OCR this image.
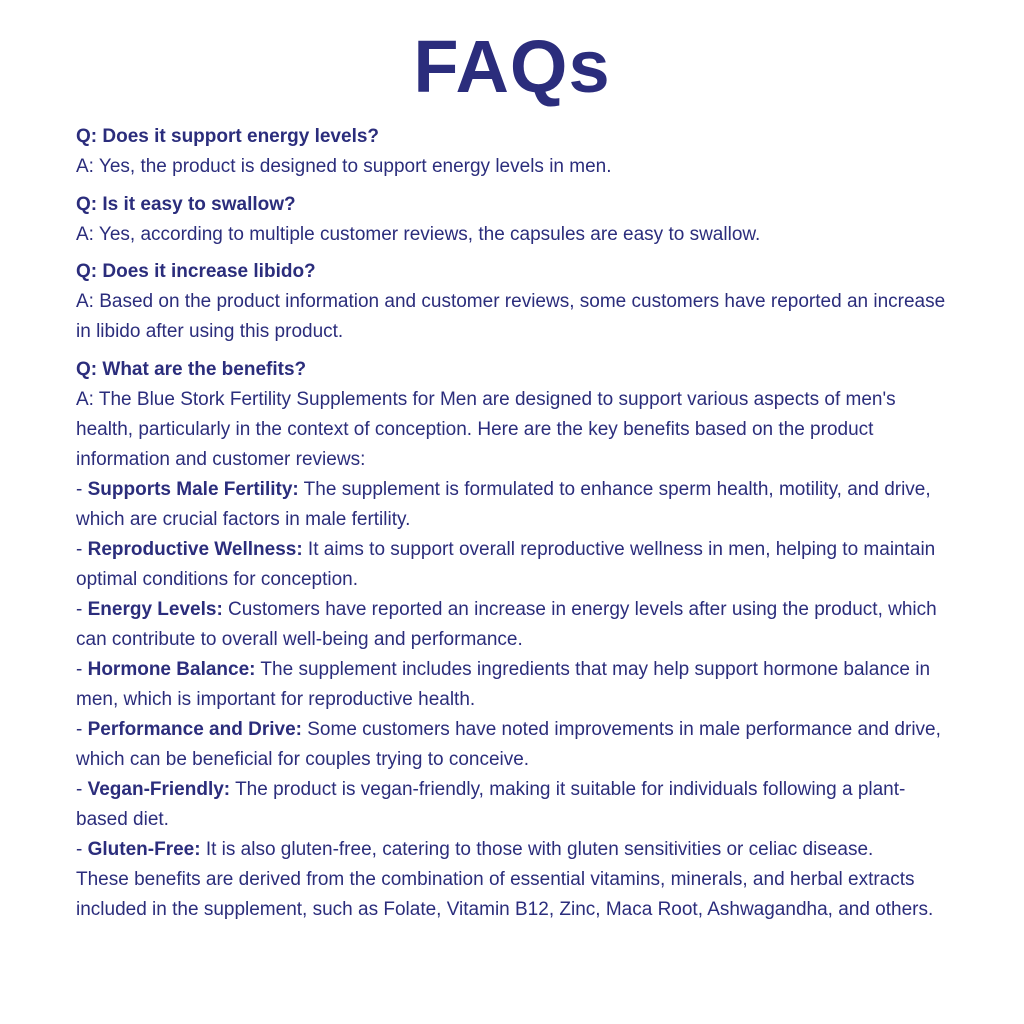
FAQs

Q: Does it support energy levels?

A: Yes, the product is designed to support energy levels in men.

Q: Is it easy to swallow?

A: Yes, according to multiple customer reviews, the capsules are easy to swallow.

Q: Does it increase libido?

A: Based on the product information and customer reviews, some customers have reported an increase in libido after using this product.

Q: What are the benefits?

A: The Blue Stork Fertility Supplements for Men are designed to support various aspects of men's health, particularly in the context of conception. Here are the key benefits based on the product information and customer reviews:

- Supports Male Fertility: The supplement is formulated to enhance sperm health, motility, and drive, which are crucial factors in male fertility.

- Reproductive Wellness: It aims to support overall reproductive wellness in men, helping to maintain optimal conditions for conception.

- Energy Levels: Customers have reported an increase in energy levels after using the product, which can contribute to overall well-being and performance.

- Hormone Balance: The supplement includes ingredients that may help support hormone balance in men, which is important for reproductive health.

- Performance and Drive: Some customers have noted improvements in male performance and drive, which can be beneficial for couples trying to conceive.

- Vegan-Friendly: The product is vegan-friendly, making it suitable for individuals following a plant-based diet.

- Gluten-Free: It is also gluten-free, catering to those with gluten sensitivities or celiac disease.

These benefits are derived from the combination of essential vitamins, minerals, and herbal extracts included in the supplement, such as Folate, Vitamin B12, Zinc, Maca Root, Ashwagandha, and others.
